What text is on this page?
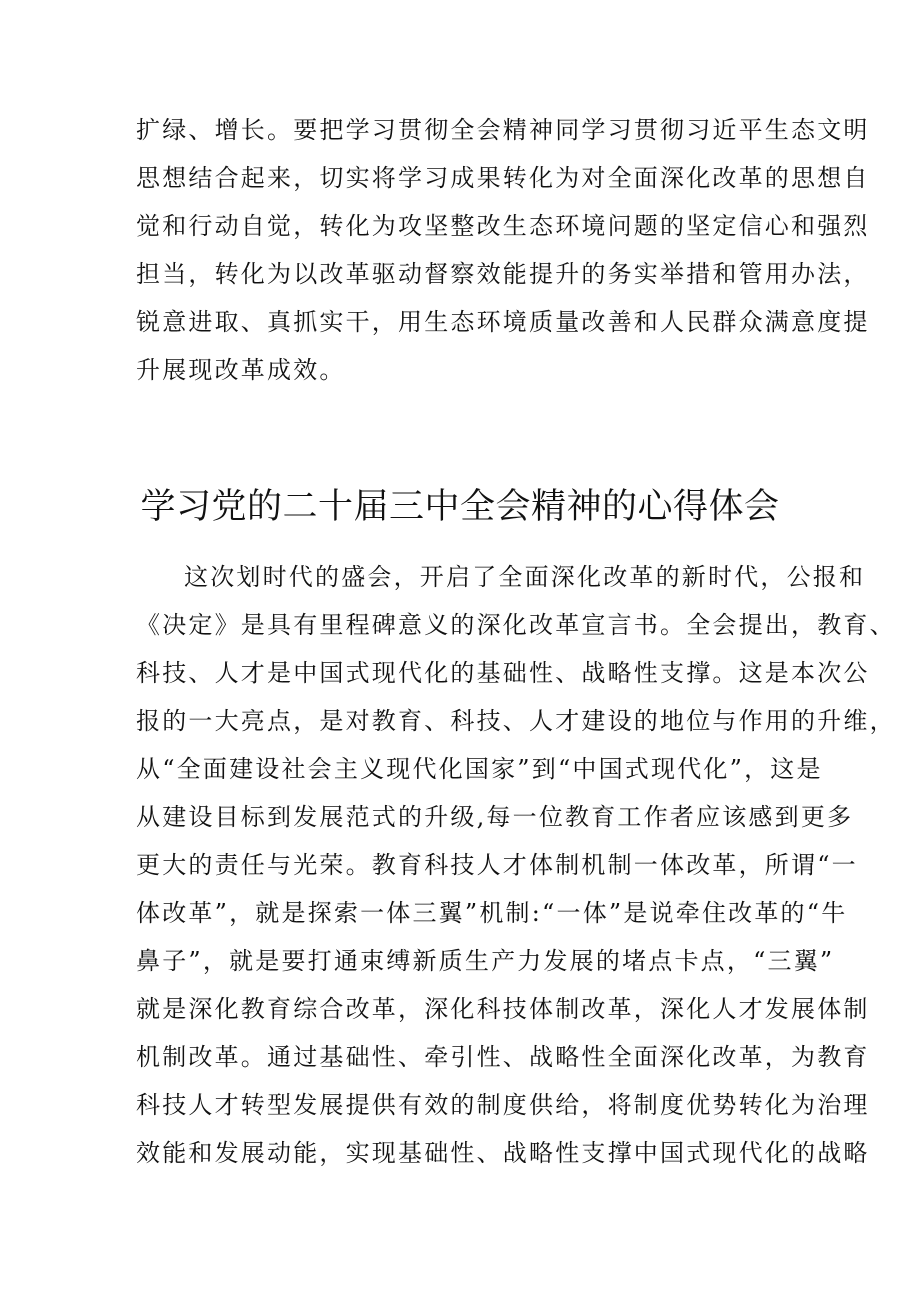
扩绿、增长。要把学习贯彻全会精神同学习贯彻习近平生态文明
思想结合起来，切实将学习成果转化为对全面深化改革的思想自
觉和行动自觉，转化为攻坚整改生态环境问题的坚定信心和强烈
担当，转化为以改革驱动督察效能提升的务实举措和管用办法，
锐意进取、真抓实干，用生态环境质量改善和人民群众满意度提
升展现改革成效。
学习党的二十届三中全会精神的心得体会
这次划时代的盛会，开启了全面深化改革的新时代，公报和
《决定》是具有里程碑意义的深化改革宣言书。全会提出，教育、
科技、人才是中国式现代化的基础性、战略性支撑。这是本次公
报的一大亮点，是对教育、科技、人才建设的地位与作用的升维，
从“全面建设社会主义现代化国家”到“中国式现代化”，这是
从建设目标到发展范式的升级,每一位教育工作者应该感到更多
更大的责任与光荣。教育科技人才体制机制一体改革，所谓“一
体改革”，就是探索一体三翼”机制:“一体”是说牵住改革的“牛
鼻子”，就是要打通束缚新质生产力发展的堵点卡点，“三翼”
就是深化教育综合改革，深化科技体制改革，深化人才发展体制
机制改革。通过基础性、牵引性、战略性全面深化改革，为教育
科技人才转型发展提供有效的制度供给，将制度优势转化为治理
效能和发展动能，实现基础性、战略性支撑中国式现代化的战略
